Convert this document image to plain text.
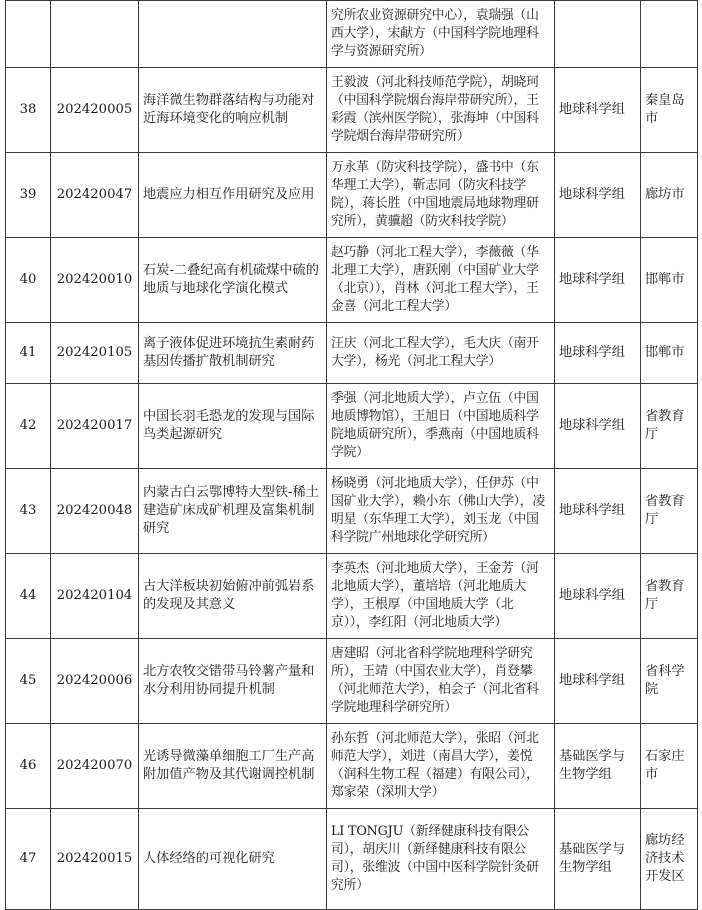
			究所农业资源研究中心），袁瑞强（山西大学），宋献方（中国科学院地理科学与资源研究所）		
38	202420005	海洋微生物群落结构与功能对近海环境变化的响应机制	王毅波（河北科技师范学院），胡晓珂（中国科学院烟台海岸带研究所），王彩霞（滨州医学院），张海坤（中国科学院烟台海岸带研究所）	地球科学组	秦皇岛市
39	202420047	地震应力相互作用研究及应用	万永革（防灾科技学院），盛书中（东华理工大学），靳志同（防灾科技学院），蒋长胜（中国地震局地球物理研究所），黄骥超（防灾科技学院）	地球科学组	廊坊市
40	202420010	石炭-二叠纪高有机硫煤中硫的地质与地球化学演化模式	赵巧静（河北工程大学），李薇薇（华北理工大学），唐跃刚（中国矿业大学（北京）），肖林（河北工程大学），王金喜（河北工程大学）	地球科学组	邯郸市
41	202420105	离子液体促进环境抗生素耐药基因传播扩散机制研究	汪庆（河北工程大学），毛大庆（南开大学），杨光（河北工程大学）	地球科学组	邯郸市
42	202420017	中国长羽毛恐龙的发现与国际鸟类起源研究	季强（河北地质大学），卢立伍（中国地质博物馆），王旭日（中国地质科学院地质研究所），季燕南（中国地质科学院）	地球科学组	省教育厅
43	202420048	内蒙古白云鄂博特大型铁-稀土建造矿床成矿机理及富集机制研究	杨晓勇（河北地质大学），任伊苏（中国矿业大学），赖小东（佛山大学），凌明星（东华理工大学），刘玉龙（中国科学院广州地球化学研究所）	地球科学组	省教育厅
44	202420104	古大洋板块初始俯冲前弧岩系的发现及其意义	李英杰（河北地质大学），王金芳（河北地质大学），董培培（河北地质大学），王根厚（中国地质大学（北京）），李红阳（河北地质大学）	地球科学组	省教育厅
45	202420006	北方农牧交错带马铃薯产量和水分利用协同提升机制	唐建昭（河北省科学院地理科学研究所），王靖（中国农业大学），肖登攀（河北师范大学），柏会子（河北省科学院地理科学研究所）	地球科学组	省科学院
46	202420070	光诱导微藻单细胞工厂生产高附加值产物及其代谢调控机制	孙东哲（河北师范大学），张昭（河北师范大学），刘进（南昌大学），姜悦（润科生物工程（福建）有限公司），郑家荣（深圳大学）	基础医学与生物学组	石家庄市
47	202420015	人体经络的可视化研究	LI TONGJU（新绎健康科技有限公司），胡庆川（新绎健康科技有限公司），张维波（中国中医科学院针灸研究所）	基础医学与生物学组	廊坊经济技术开发区
